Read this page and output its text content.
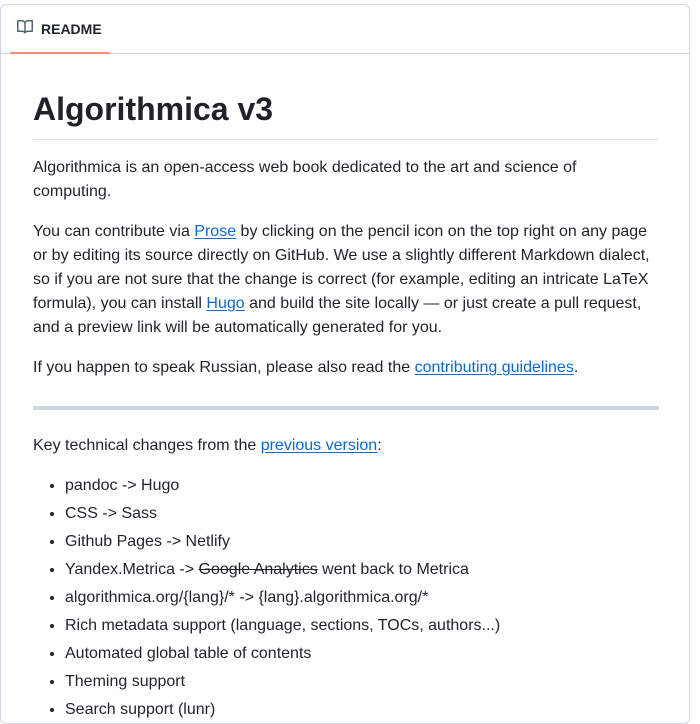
README
Algorithmica v3

Algorithmica is an open-access web book dedicated to the art and science of computing.

You can contribute via Prose by clicking on the pencil icon on the top right on any page or by editing its source directly on GitHub. We use a slightly different Markdown dialect, so if you are not sure that the change is correct (for example, editing an intricate LaTeX formula), you can install Hugo and build the site locally — or just create a pull request, and a preview link will be automatically generated for you.

If you happen to speak Russian, please also read the contributing guidelines.

Key technical changes from the previous version:

• pandoc -> Hugo
• CSS -> Sass
• Github Pages -> Netlify
• Yandex.Metrica -> Google Analytics went back to Metrica
• algorithmica.org/{lang}/* -> {lang}.algorithmica.org/*
• Rich metadata support (language, sections, TOCs, authors...)
• Automated global table of contents
• Theming support
• Search support (lunr)
